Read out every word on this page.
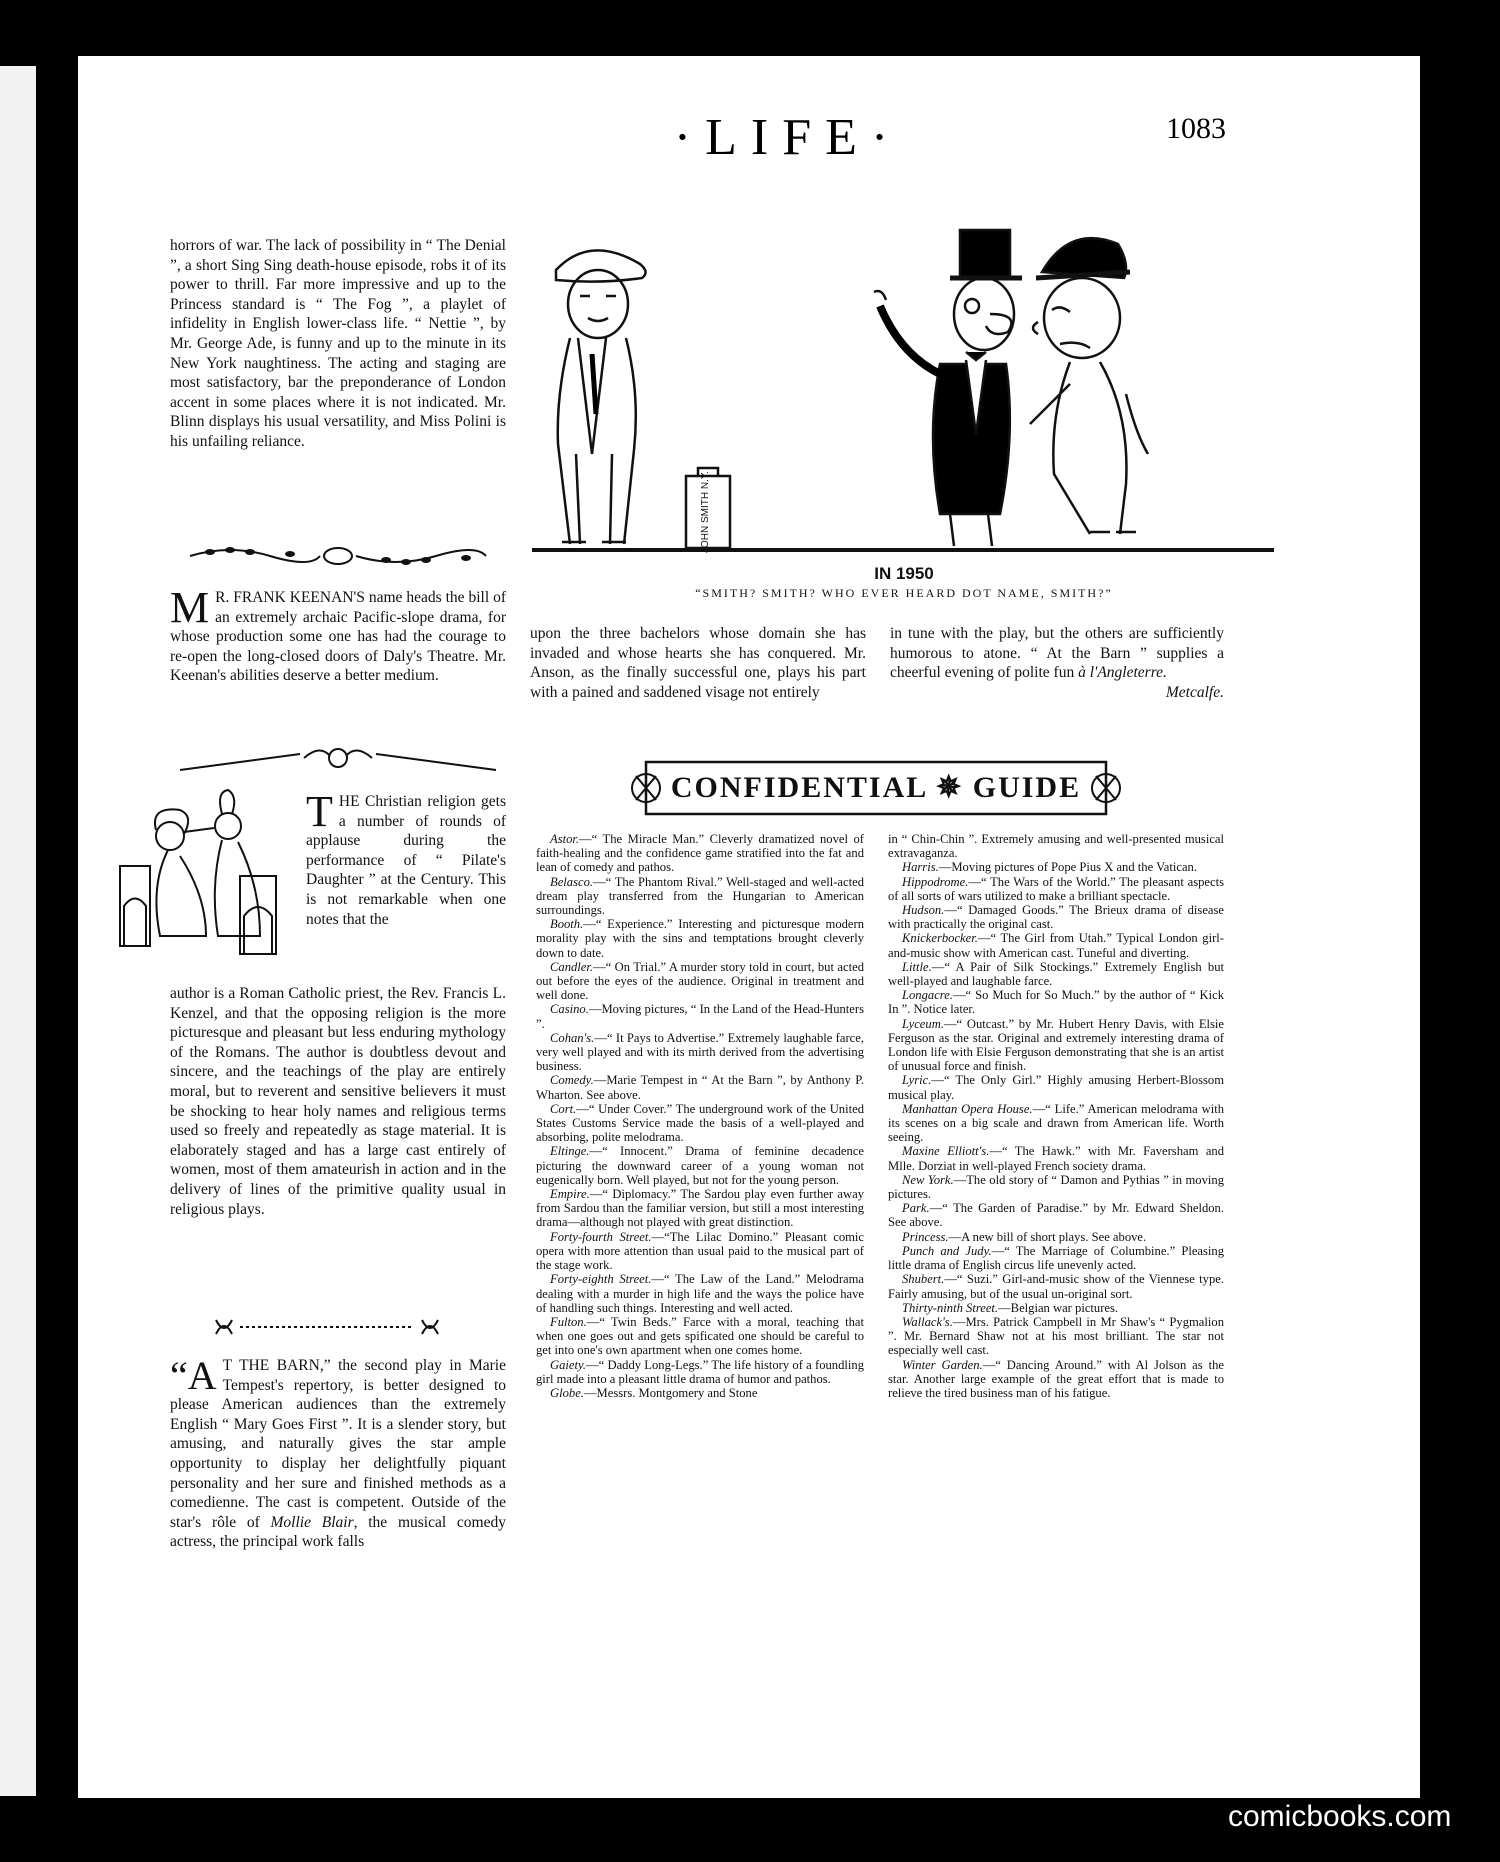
·LIFE·	1083

horrors of war. The lack of possibility in “ The Denial ”, a short Sing Sing death-house episode, robs it of its power to thrill. Far more impressive and up to the Princess standard is “ The Fog ”, a playlet of infidelity in English lower-class life. “ Nettie ”, by Mr. George Ade, is funny and up to the minute in its New York naughtiness. The acting and staging are most satisfactory, bar the preponderance of London accent in some places where it is not indicated. Mr. Blinn displays his usual versatility, and Miss Polini is his unfailing reliance.

M R. FRANK KEENAN'S name heads the bill of an extremely archaic Pacific-slope drama, for whose production some one has had the courage to re-open the long-closed doors of Daly's Theatre. Mr. Keenan's abilities deserve a better medium.

THE Christian religion gets a number of rounds of applause during the performance of “ Pilate's Daughter ” at the Century. This is not remarkable when one notes that the

author is a Roman Catholic priest, the Rev. Francis L. Kenzel, and that the opposing religion is the more picturesque and pleasant but less enduring mythology of the Romans. The author is doubtless devout and sincere, and the teachings of the play are entirely moral, but to reverent and sensitive believers it must be shocking to hear holy names and religious terms used so freely and repeatedly as stage material. It is elaborately staged and has a large cast entirely of women, most of them amateurish in action and in the delivery of lines of the primitive quality usual in religious plays.

“A T THE BARN,” the second play in Marie Tempest's repertory, is better designed to please American audiences than the extremely English “ Mary Goes First ”. It is a slender story, but amusing, and naturally gives the star ample opportunity to display her delightfully piquant personality and her sure and finished methods as a comedienne. The cast is competent. Outside of the star's rôle of Mollie Blair, the musical comedy actress, the principal work falls

JOHN SMITH N.Y.
IN 1950
“SMITH? SMITH? WHO EVER HEARD DOT NAME, SMITH?”

upon the three bachelors whose domain she has invaded and whose hearts she has conquered. Mr. Anson, as the finally successful one, plays his part with a pained and saddened visage not entirely

in tune with the play, but the others are sufficiently humorous to atone. “ At the Barn ” supplies a cheerful evening of polite fun à l'Angleterre.

Metcalfe.

CONFIDENTIAL ✵ GUIDE

Astor.—“ The Miracle Man.” Cleverly dramatized novel of faith-healing and the confidence game stratified into the fat and lean of comedy and pathos.

Belasco.—“ The Phantom Rival.” Well-staged and well-acted dream play transferred from the Hungarian to American surroundings.

Booth.—“ Experience.” Interesting and picturesque modern morality play with the sins and temptations brought cleverly down to date.

Candler.—“ On Trial.” A murder story told in court, but acted out before the eyes of the audience. Original in treatment and well done.

Casino.—Moving pictures, “ In the Land of the Head-Hunters ”.

Cohan's.—“ It Pays to Advertise.” Extremely laughable farce, very well played and with its mirth derived from the advertising business.

Comedy.—Marie Tempest in “ At the Barn ”, by Anthony P. Wharton. See above.

Cort.—“ Under Cover.” The underground work of the United States Customs Service made the basis of a well-played and absorbing, polite melodrama.

Eltinge.—“ Innocent.” Drama of feminine decadence picturing the downward career of a young woman not eugenically born. Well played, but not for the young person.

Empire.—“ Diplomacy.” The Sardou play even further away from Sardou than the familiar version, but still a most interesting drama—although not played with great distinction.

Forty-fourth Street.—“The Lilac Domino.” Pleasant comic opera with more attention than usual paid to the musical part of the stage work.

Forty-eighth Street.—“ The Law of the Land.” Melodrama dealing with a murder in high life and the ways the police have of handling such things. Interesting and well acted.

Fulton.—“ Twin Beds.” Farce with a moral, teaching that when one goes out and gets spificated one should be careful to get into one's own apartment when one comes home.

Gaiety.—“ Daddy Long-Legs.” The life history of a foundling girl made into a pleasant little drama of humor and pathos.

Globe.—Messrs. Montgomery and Stone

in “ Chin-Chin ”. Extremely amusing and well-presented musical extravaganza.

Harris.—Moving pictures of Pope Pius X and the Vatican.

Hippodrome.—“ The Wars of the World.” The pleasant aspects of all sorts of wars utilized to make a brilliant spectacle.

Hudson.—“ Damaged Goods.” The Brieux drama of disease with practically the original cast.

Knickerbocker.—“ The Girl from Utah.” Typical London girl-and-music show with American cast. Tuneful and diverting.

Little.—“ A Pair of Silk Stockings.” Extremely English but well-played and laughable farce.

Longacre.—“ So Much for So Much.” by the author of “ Kick In ”. Notice later.

Lyceum.—“ Outcast.” by Mr. Hubert Henry Davis, with Elsie Ferguson as the star. Original and extremely interesting drama of London life with Elsie Ferguson demonstrating that she is an artist of unusual force and finish.

Lyric.—“ The Only Girl.” Highly amusing Herbert-Blossom musical play.

Manhattan Opera House.—“ Life.” American melodrama with its scenes on a big scale and drawn from American life. Worth seeing.

Maxine Elliott's.—“ The Hawk.” with Mr. Faversham and Mlle. Dorziat in well-played French society drama.

New York.—The old story of “ Damon and Pythias ” in moving pictures.

Park.—“ The Garden of Paradise.” by Mr. Edward Sheldon. See above.

Princess.—A new bill of short plays. See above.

Punch and Judy.—“ The Marriage of Columbine.” Pleasing little drama of English circus life unevenly acted.

Shubert.—“ Suzi.” Girl-and-music show of the Viennese type. Fairly amusing, but of the usual un-original sort.

Thirty-ninth Street.—Belgian war pictures.

Wallack's.—Mrs. Patrick Campbell in Mr Shaw's “ Pygmalion ”. Mr. Bernard Shaw not at his most brilliant. The star not especially well cast.

Winter Garden.—“ Dancing Around.” with Al Jolson as the star. Another large example of the great effort that is made to relieve the tired business man of his fatigue.

comicbooks.com
